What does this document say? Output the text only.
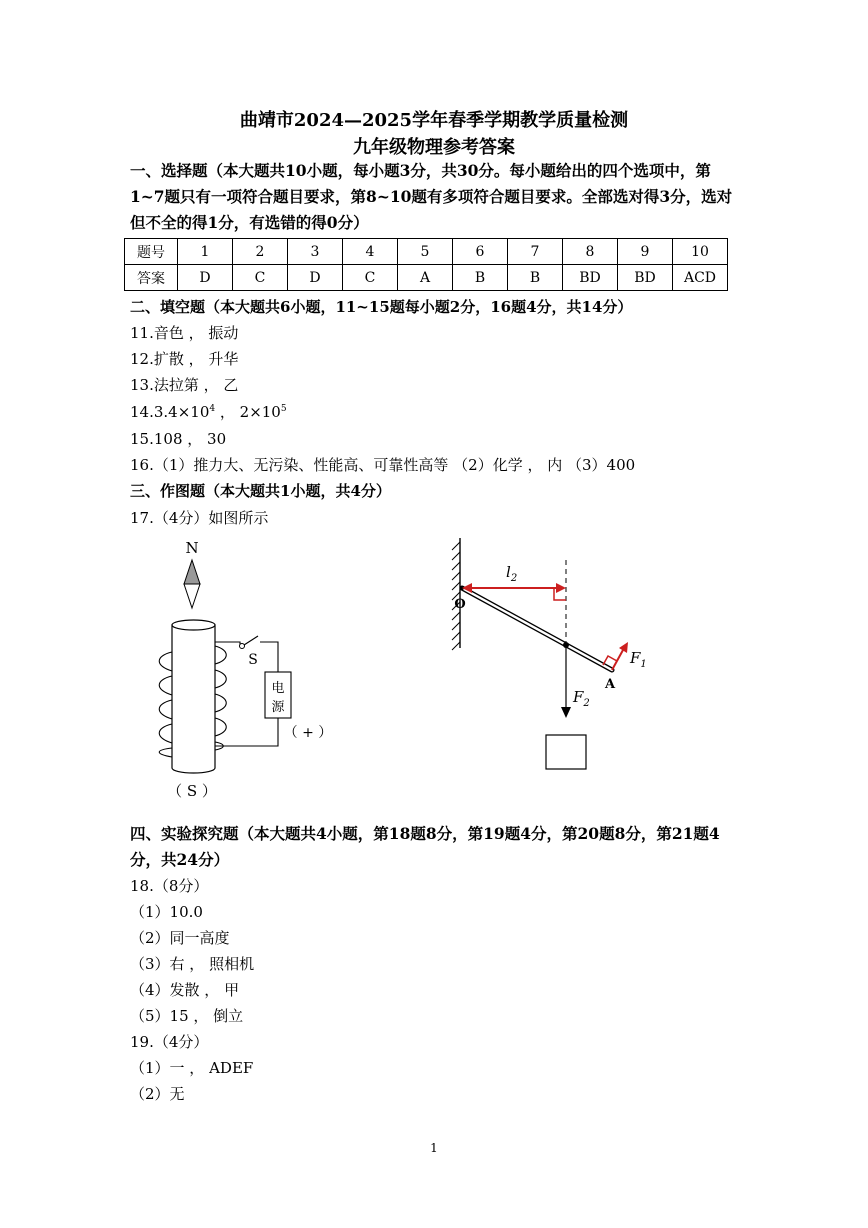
曲靖市2024—2025学年春季学期教学质量检测
九年级物理参考答案
一、选择题（本大题共10小题，每小题3分，共30分。每小题给出的四个选项中，第1~7题只有一项符合题目要求，第8~10题有多项符合题目要求。全部选对得3分，选对但不全的得1分，有选错的得0分）
题号	1	2	3	4	5	6	7	8	9	10
答案	D	C	D	C	A	B	B	BD	BD	ACD
二、填空题（本大题共6小题，11~15题每小题2分，16题4分，共14分）
11.音色 ， 振动
12.扩散 ， 升华
13.法拉第 ， 乙
$14.3.4\times 10^4$ ， $2\times 10^5$
15.108 ， 30
16.（1）推力大、无污染、性能高、可靠性高等 （2）化学 ， 内 （3）400
三、作图题（本大题共1小题，共4分）
17.（4分）如图所示
N
S
电
源
（ + ）
（ S ）
O
$l_2$
$F_2$
$F_1$
A
四、实验探究题（本大题共4小题，第18题8分，第19题4分，第20题8分，第21题4分，共24分）
18.（8分）
（1）10.0
（2）同一高度
（3）右 ， 照相机
（4）发散 ， 甲
（5）15 ， 倒立
19.（4分）
（1）一 ， ADEF
（2）无
1
